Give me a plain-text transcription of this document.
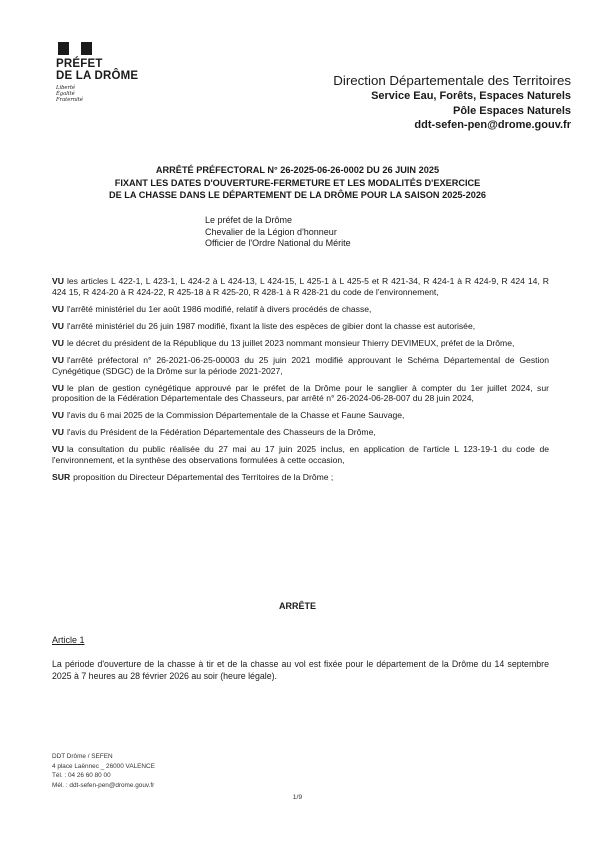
PRÉFET
DE LA DRÔME
Liberté
Égalité
Fraternité
Direction Départementale des Territoires
Service Eau, Forêts, Espaces Naturels
Pôle Espaces Naturels
ddt-sefen-pen@drome.gouv.fr
ARRÊTÉ PRÉFECTORAL N° 26-2025-06-26-0002 DU 26 JUIN 2025
FIXANT LES DATES D'OUVERTURE-FERMETURE ET LES MODALITÉS D'EXERCICE
DE LA CHASSE DANS LE DÉPARTEMENT DE LA DRÔME POUR LA SAISON 2025-2026
Le préfet de la Drôme
Chevalier de la Légion d'honneur
Officier de l'Ordre National du Mérite

VU les articles L 422-1, L 423-1, L 424-2 à L 424-13, L 424-15, L 425-1 à L 425-5 et R 421-34, R 424-1 à R 424-9, R 424 14, R 424 15, R 424-20 à R 424-22, R 425-18 à R 425-20, R 428-1 à R 428-21 du code de l'environnement,

VU l'arrêté ministériel du 1er août 1986 modifié, relatif à divers procédés de chasse,

VU l'arrêté ministériel du 26 juin 1987 modifié, fixant la liste des espèces de gibier dont la chasse est autorisée,

VU le décret du président de la République du 13 juillet 2023 nommant monsieur Thierry DEVIMEUX, préfet de la Drôme,

VU l'arrêté préfectoral n° 26-2021-06-25-00003 du 25 juin 2021 modifié approuvant le Schéma Départemental de Gestion Cynégétique (SDGC) de la Drôme sur la période 2021-2027,

VU le plan de gestion cynégétique approuvé par le préfet de la Drôme pour le sanglier à compter du 1er juillet 2024, sur proposition de la Fédération Départementale des Chasseurs, par arrêté n° 26-2024-06-28-007 du 28 juin 2024,

VU l'avis du 6 mai 2025 de la Commission Départementale de la Chasse et Faune Sauvage,

VU l'avis du Président de la Fédération Départementale des Chasseurs de la Drôme,

VU la consultation du public réalisée du 27 mai au 17 juin 2025 inclus, en application de l'article L 123-19-1 du code de l'environnement, et la synthèse des observations formulées à cette occasion,

SUR proposition du Directeur Départemental des Territoires de la Drôme ;

ARRÊTE
Article 1
La période d'ouverture de la chasse à tir et de la chasse au vol est fixée pour le département de la Drôme du 14 septembre 2025 à 7 heures au 28 février 2026 au soir (heure légale).
DDT Drôme / SEFEN
4 place Laënnec _ 26000 VALENCE
Tél. : 04 26 60 80 00
Mél. : ddt-sefen-pen@drome.gouv.fr
1/9
